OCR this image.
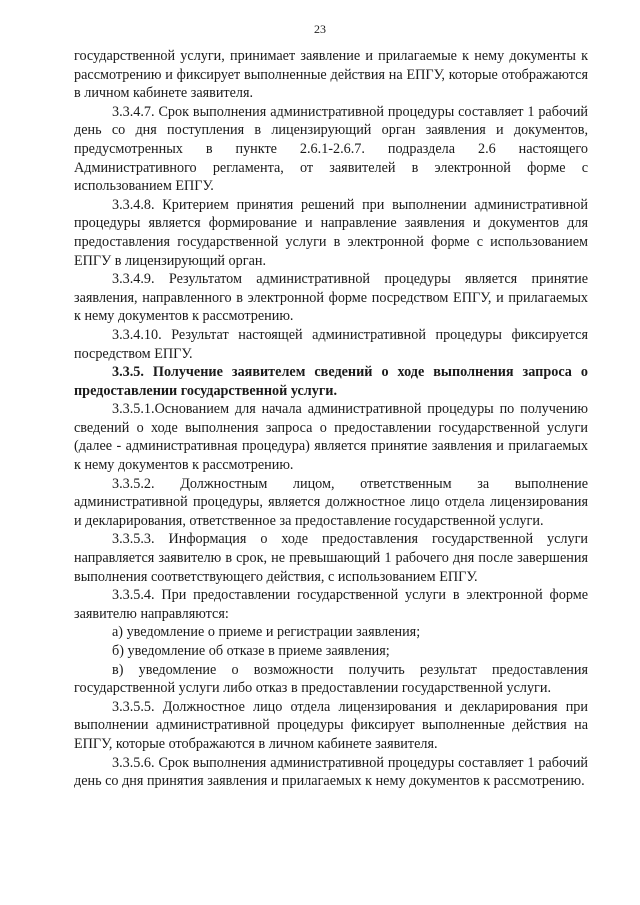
23

государственной услуги, принимает заявление и прилагаемые к нему документы к рассмотрению и фиксирует выполненные действия на ЕПГУ, которые отображаются в личном кабинете заявителя.

3.3.4.7. Срок выполнения административной процедуры составляет 1 рабочий день со дня поступления в лицензирующий орган заявления и документов, предусмотренных в пункте 2.6.1-2.6.7. подраздела 2.6 настоящего Административного регламента, от заявителей в электронной форме с использованием ЕПГУ.

3.3.4.8. Критерием принятия решений при выполнении административной процедуры является формирование и направление заявления и документов для предоставления государственной услуги в электронной форме с использованием ЕПГУ в лицензирующий орган.

3.3.4.9. Результатом административной процедуры является принятие заявления, направленного в электронной форме посредством ЕПГУ, и прилагаемых к нему документов к рассмотрению.

3.3.4.10. Результат настоящей административной процедуры фиксируется посредством ЕПГУ.

3.3.5. Получение заявителем сведений о ходе выполнения запроса о предоставлении государственной услуги.

3.3.5.1.Основанием для начала административной процедуры по получению сведений о ходе выполнения запроса о предоставлении государственной услуги (далее - административная процедура) является принятие заявления и прилагаемых к нему документов к рассмотрению.

3.3.5.2. Должностным лицом, ответственным за выполнение административной процедуры, является должностное лицо отдела лицензирования и декларирования, ответственное за предоставление государственной услуги.

3.3.5.3. Информация о ходе предоставления государственной услуги направляется заявителю в срок, не превышающий 1 рабочего дня после завершения выполнения соответствующего действия, с использованием ЕПГУ.

3.3.5.4. При предоставлении государственной услуги в электронной форме заявителю направляются:

а) уведомление о приеме и регистрации заявления;

б) уведомление об отказе в приеме заявления;

в) уведомление о возможности получить результат предоставления государственной услуги либо отказ в предоставлении государственной услуги.

3.3.5.5. Должностное лицо отдела лицензирования и декларирования при выполнении административной процедуры фиксирует выполненные действия на ЕПГУ, которые отображаются в личном кабинете заявителя.

3.3.5.6. Срок выполнения административной процедуры составляет 1 рабочий день со дня принятия заявления и прилагаемых к нему документов к рассмотрению.
